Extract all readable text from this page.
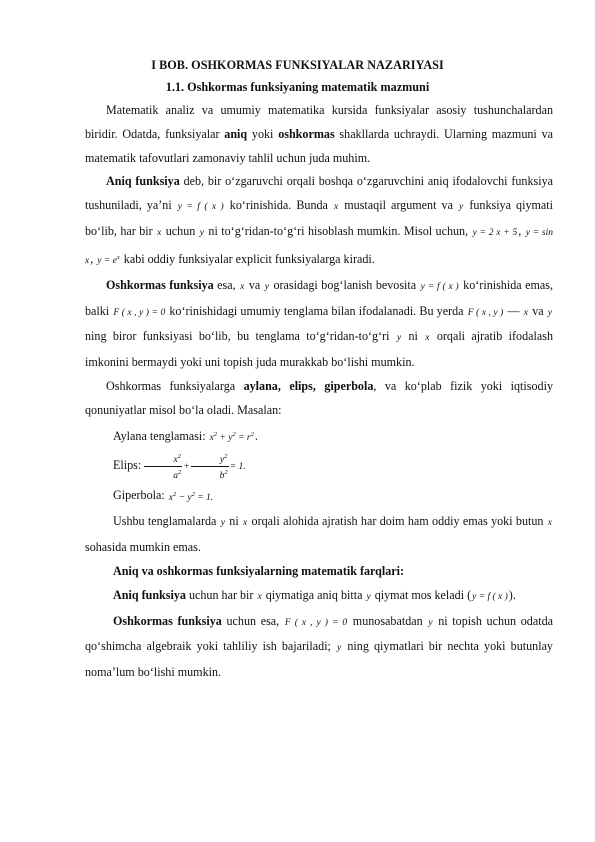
I BOB. OSHKORMAS FUNKSIYALAR NAZARIYASI
1.1. Oshkormas funksiyaning matematik mazmuni

Matematik analiz va umumiy matematika kursida funksiyalar asosiy tushunchalardan biridir. Odatda, funksiyalar aniq yoki oshkormas shakllarda uchraydi. Ularning mazmuni va matematik tafovutlari zamonaviy tahlil uchun juda muhim.

Aniq funksiya deb, bir o‘zgaruvchi orqali boshqa o‘zgaruvchini aniq ifodalovchi funksiya tushuniladi, ya’ni y = f ( x ) ko‘rinishida. Bunda x mustaqil argument va y funksiya qiymati bo‘lib, har bir x uchun y ni to‘g‘ridan-to‘g‘ri hisoblash mumkin. Misol uchun, y = 2 x + 5, y = sin x, $y = e^x$ kabi oddiy funksiyalar explicit funksiyalarga kiradi.

Oshkormas funksiya esa, x va y orasidagi bog‘lanish bevosita y = f ( x ) ko‘rinishida emas, balki F ( x , y ) = 0 ko‘rinishidagi umumiy tenglama bilan ifodalanadi. Bu yerda F ( x , y ) — x va y ning biror funksiyasi bo‘lib, bu tenglama to‘g‘ridan-to‘g‘ri y ni x orqali ajratib ifodalash imkonini bermaydi yoki uni topish juda murakkab bo‘lishi mumkin.

Oshkormas funksiyalarga aylana, elips, giperbola, va ko‘plab fizik yoki iqtisodiy qonuniyatlar misol bo‘la oladi. Masalan:

Aylana tenglamasi: $x^2 + y^2 = r^2$.

Elips: $\frac{x^2}{a^2} + \frac{y^2}{b^2} = 1$.

Giperbola: $x^2 - y^2 = 1$.

Ushbu tenglamalarda y ni x orqali alohida ajratish har doim ham oddiy emas yoki butun x sohasida mumkin emas.

Aniq va oshkormas funksiyalarning matematik farqlari:

Aniq funksiya uchun har bir x qiymatiga aniq bitta y qiymat mos keladi (y = f ( x )).

Oshkormas funksiya uchun esa, F ( x , y ) = 0 munosabatdan y ni topish uchun odatda qo‘shimcha algebraik yoki tahliliy ish bajariladi; y ning qiymatlari bir nechta yoki butunlay noma’lum bo‘lishi mumkin.
